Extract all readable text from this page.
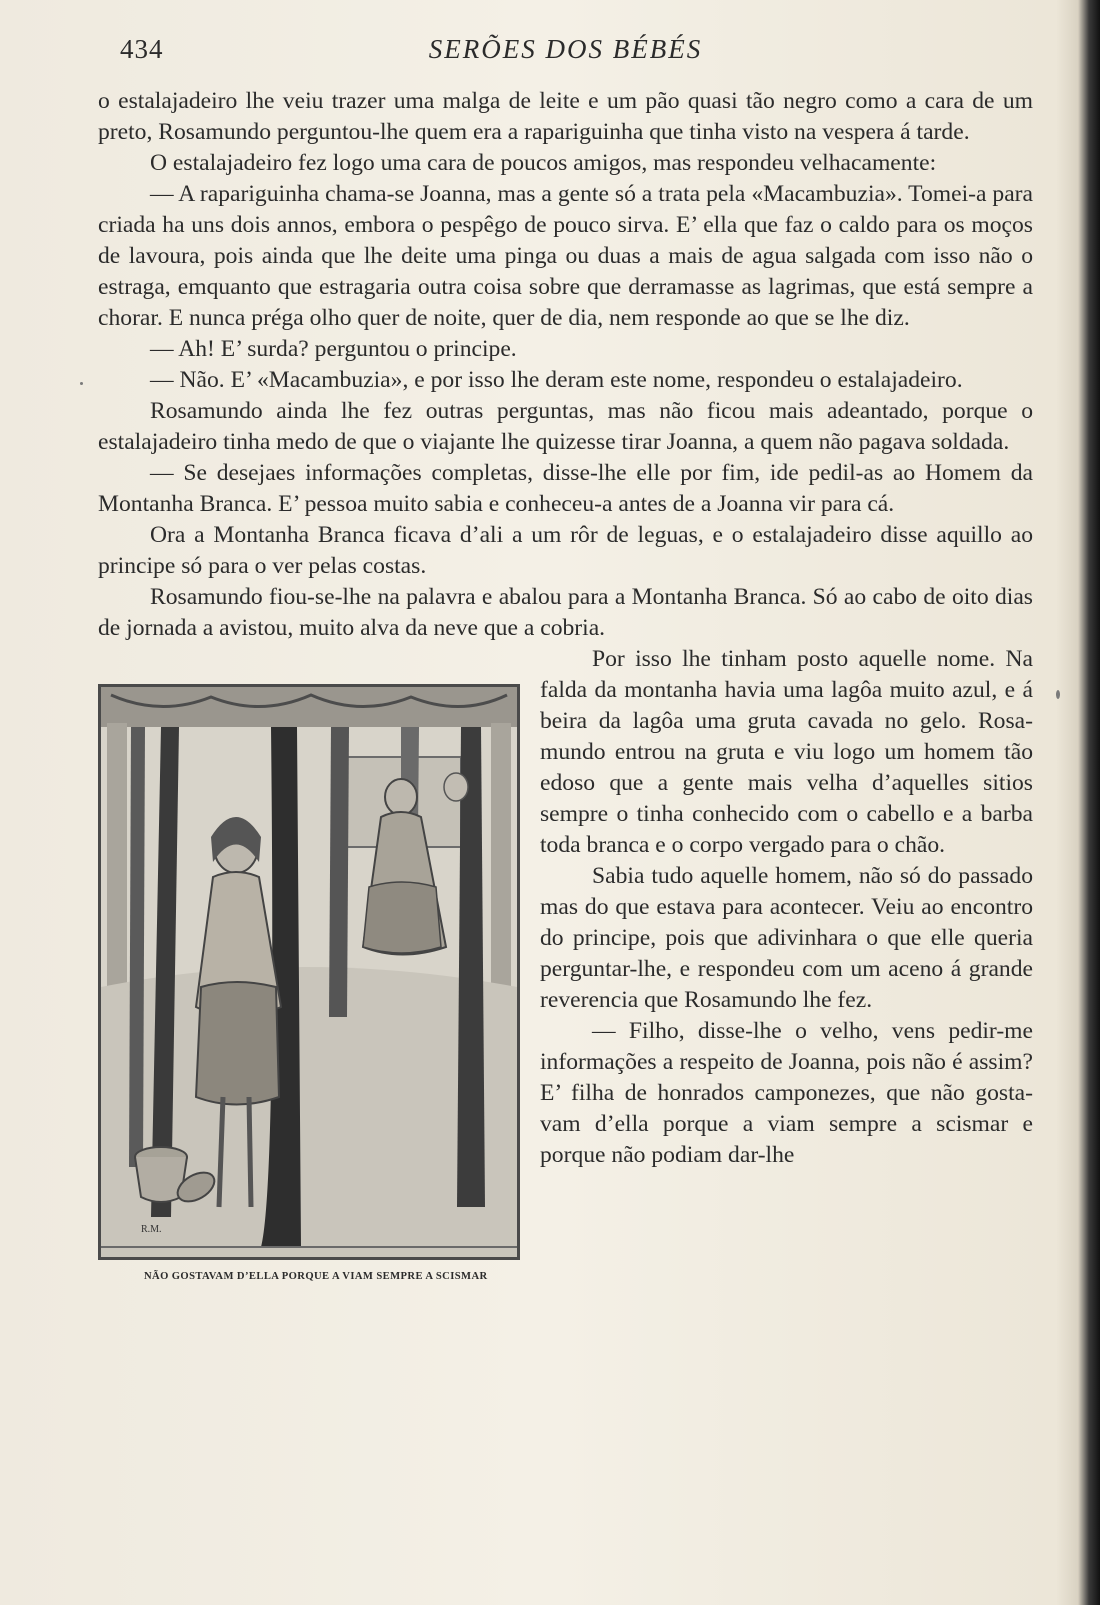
434	SERÕES DOS BÉBÉS

o estalajadeiro lhe veiu trazer uma malga de leite e um pão quasi tão negro como a cara de um preto, Rosamundo perguntou-lhe quem era a rapariguinha que tinha visto na vespera á tarde.

O estalajadeiro fez logo uma cara de poucos amigos, mas respondeu velhacamente:

— A rapariguinha chama-se Joanna, mas a gente só a trata pela «Macambuzia». Tomei-a para criada ha uns dois annos, embora o pespêgo de pouco sirva. E’ ella que faz o caldo para os moços de lavoura, pois ainda que lhe deite uma pinga ou duas a mais de agua salgada com isso não o estraga, emquanto que estragaria outra coisa sobre que derramasse as lagrimas, que está sempre a chorar. E nunca préga olho quer de noite, quer de dia, nem responde ao que se lhe diz.

— Ah! E’ surda? perguntou o principe.

— Não. E’ «Macambuzia», e por isso lhe deram este nome, respondeu o estalajadeiro.

Rosamundo ainda lhe fez outras perguntas, mas não ficou mais adeantado, porque o estalajadeiro tinha medo de que o viajante lhe quizesse tirar Joanna, a quem não pagava soldada.

— Se desejaes informações completas, disse-lhe elle por fim, ide pedil-as ao Homem da Montanha Branca. E’ pessoa muito sabia e conheceu-a antes de a Joanna vir para cá.

Ora a Montanha Branca ficava d’ali a um rôr de leguas, e o estalajadeiro disse aquillo ao principe só para o ver pelas costas.

Rosamundo fiou-se-lhe na palavra e abalou para a Montanha Branca. Só ao cabo de oito dias de jornada a avistou, muito alva da neve que a cobria.

R.M.
NÃO GOSTAVAM D’ELLA PORQUE A VIAM SEMPRE A SCISMAR
Por isso lhe tinham posto aquelle nome. Na falda da montanha havia uma lagôa muito azul, e á beira da lagôa uma gruta cavada no gelo. Rosamundo entrou na gruta e viu logo um homem tão edoso que a gente mais velha d’aquelles sitios sempre o tinha conhecido com o cabello e a barba toda branca e o corpo vergado para o chão.

Sabia tudo aquelle homem, não só do passado mas do que estava para acontecer. Veiu ao encontro do principe, pois que adivinhara o que elle queria perguntar-lhe, e respondeu com um aceno á grande reverencia que Rosamundo lhe fez.

— Filho, disse-lhe o velho, vens pedir-me informações a respeito de Joanna, pois não é assim? E’ filha de honrados camponezes, que não gostavam d’ella porque a viam sempre a scismar e porque não podiam dar-lhe
